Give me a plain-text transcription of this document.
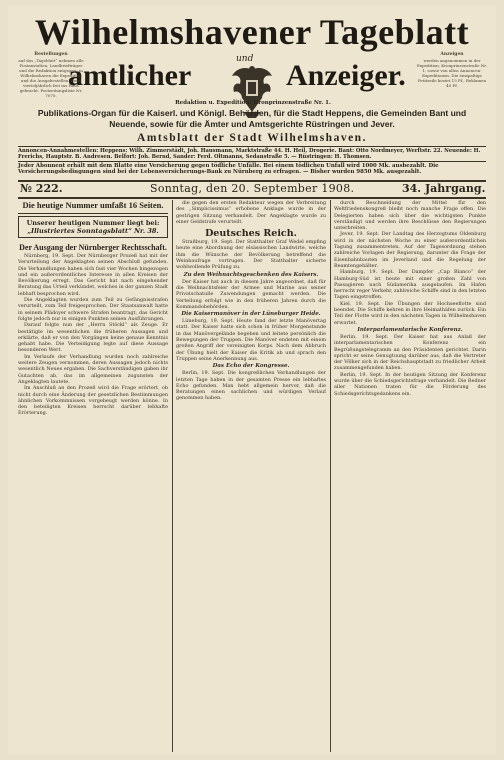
Wilhelmshavener Tageblatt
und
amtlicher	Anzeiger.
Bestellungen
auf das „Tageblatt“ nehmen alle Postanstalten, Landbriefträger und die Redaktion entgegen, in Wilhelmshaven die Expedition und die Ausgabestellen. Preis vierteljährlich frei ins Haus gebracht. Postzeitungsliste Nr. 7070.
Anzeigen
werden angenommen in der Expedition, Kronprinzenstraße Nr. 1, sowie von allen Annoncen-Expeditionen. Die einspaltige Petitzeile kostet 15 Pf., Reklamen 40 Pf.
Redaktion u. Expedition: Kronprinzenstraße Nr. 1.
Publikations-Organ für die Kaiserl. und Königl. Behörden, für die Stadt Heppens, die Gemeinden Bant und Neuende, sowie für die Ämter und Amtsgerichte Rüstringen und Jever.
Amtsblatt der Stadt Wilhelmshaven.
Annoncen-Annahmestellen: Heppens: Wilh. Zimmerstädt, Joh. Hausmann, Marktstraße 44. H. Heil, Drogerie. Bant: Otto Nordmeyer, Werftstr. 22. Neuende: H. Frerichs, Hauptstr. B. Andresen. Belfort: Joh. Bernd, Sander: Ferd. Oltmanns, Sedanstraße 5. — Rüstringen: H. Thomsen.
Jeder Abonnent erhält mit dem Blatte eine Versicherung gegen tödliche Unfälle. Bei einem tödlichen Unfall wird 1000 Mk. ausbezahlt. Die Versicherungsbedingungen sind bei der Lebensversicherungs-Bank zu Nürnberg zu erfragen. — Bisher wurden 9850 Mk. ausgezahlt.
№ 222.	Sonntag, den 20. September 1908.	34. Jahrgang.
Die heutige Nummer umfaßt 16 Seiten.
Unserer heutigen Nummer liegt bei:
„Illustriertes Sonntagsblatt“ Nr. 38.
Der Ausgang der Nürnberger Rechtsschaft.

Nürnberg, 19. Sept. Der Nürnberger Prozeß hat mit der Verurteilung der Angeklagten seinen Abschluß gefunden. Die Verhandlungen haben sich fast vier Wochen hingezogen und ein außerordentliches Interesse in allen Kreisen der Bevölkerung erregt. Das Gericht hat nach eingehender Beratung das Urteil verkündet, welches in der ganzen Stadt lebhaft besprochen wird.

Die Angeklagten wurden zum Teil zu Gefängnisstrafen verurteilt, zum Teil freigesprochen. Der Staatsanwalt hatte in seinem Plädoyer schwere Strafen beantragt, das Gericht folgte jedoch nur in einigen Punkten seinen Ausführungen.

Darauf folgte nun der „Herrn Stöckl“ als Zeuge. Er bestätigte im wesentlichen die früheren Aussagen und erklärte, daß er von den Vorgängen keine genaue Kenntnis gehabt habe. Die Verteidigung legte auf diese Aussage besonderen Wert.

Im Verlaufe der Verhandlung wurden noch zahlreiche weitere Zeugen vernommen, deren Aussagen jedoch nichts wesentlich Neues ergaben. Die Sachverständigen gaben ihr Gutachten ab, das im allgemeinen zugunsten der Angeklagten lautete.

Im Anschluß an den Prozeß wird die Frage erörtert, ob nicht durch eine Änderung der gesetzlichen Bestimmungen ähnlichen Vorkommnissen vorgebeugt werden könne. In den beteiligten Kreisen herrscht darüber lebhafte Erörterung.

die gegen den ersten Redakteur wegen der Verbreitung des „Simplicissimus“ erhobene Anklage wurde in der gestrigen Sitzung verhandelt. Der Angeklagte wurde zu einer Geldstrafe verurteilt.

Deutsches Reich.

Straßburg, 19. Sept. Der Statthalter Graf Wedel empfing heute eine Abordnung der elsässischen Landwirte, welche ihm die Wünsche der Bevölkerung betreffend die Weinbaufrage vortrugen. Der Statthalter sicherte wohlwollende Prüfung zu.

Zu den Weihnachtsgeschenken des Kaisers.

Der Kaiser hat auch in diesem Jahre angeordnet, daß für die Weihnachtsfeier der Armee und Marine aus seiner Privatschatulle Zuwendungen gemacht werden. Die Verteilung erfolgt wie in den früheren Jahren durch die Kommandobehörden.

Die Kaisermanöver in der Lüneburger Heide.

Lüneburg, 19. Sept. Heute fand der letzte Manövertag statt. Der Kaiser hatte sich schon in früher Morgenstunde in das Manövergelände begeben und leitete persönlich die Bewegungen der Truppen. Die Manöver endeten mit einem großen Angriff der vereinigten Korps. Nach dem Abbruch der Übung hielt der Kaiser die Kritik ab und sprach den Truppen seine Anerkennung aus.

Das Echo der Kongresse.

Berlin, 19. Sept. Die kongreßlichen Verhandlungen der letzten Tage haben in der gesamten Presse ein lebhaftes Echo gefunden. Man hebt allgemein hervor, daß die Beratungen einen sachlichen und würdigen Verlauf genommen haben.

durch Beschneidung der Mittel für den Weltfriedenskongreß bleibt noch manche Frage offen. Die Delegierten haben sich über die wichtigsten Punkte verständigt und werden ihre Beschlüsse den Regierungen unterbreiten.

Jever, 19. Sept. Der Landtag des Herzogtums Oldenburg wird in der nächsten Woche zu einer außerordentlichen Tagung zusammentreten. Auf der Tagesordnung stehen zahlreiche Vorlagen der Regierung, darunter die Frage der Eisenbahnbauten im Jeverland und die Regelung der Beamtengehälter.

Hamburg, 19. Sept. Der Dampfer „Cap Blanco“ der Hamburg-Süd ist heute mit einer großen Zahl von Passagieren nach Südamerika ausgelaufen. Im Hafen herrscht reger Verkehr, zahlreiche Schiffe sind in den letzten Tagen eingetroffen.

Kiel, 19. Sept. Die Übungen der Hochseeflotte sind beendet. Die Schiffe kehren in ihre Heimathäfen zurück. Ein Teil der Flotte wird in den nächsten Tagen in Wilhelmshaven erwartet.

Interparlamentarische Konferenz.

Berlin, 19. Sept. Der Kaiser hat aus Anlaß der interparlamentarischen Konferenz ein Begrüßungstelegramm an den Präsidenten gerichtet. Darin spricht er seine Genugtuung darüber aus, daß die Vertreter der Völker sich in der Reichshauptstadt zu friedlicher Arbeit zusammengefunden haben.

Berlin, 19. Sept. In der heutigen Sitzung der Konferenz wurde über die Schiedsgerichtsfrage verhandelt. Die Redner aller Nationen traten für die Förderung des Schiedsgerichtsgedankens ein.
